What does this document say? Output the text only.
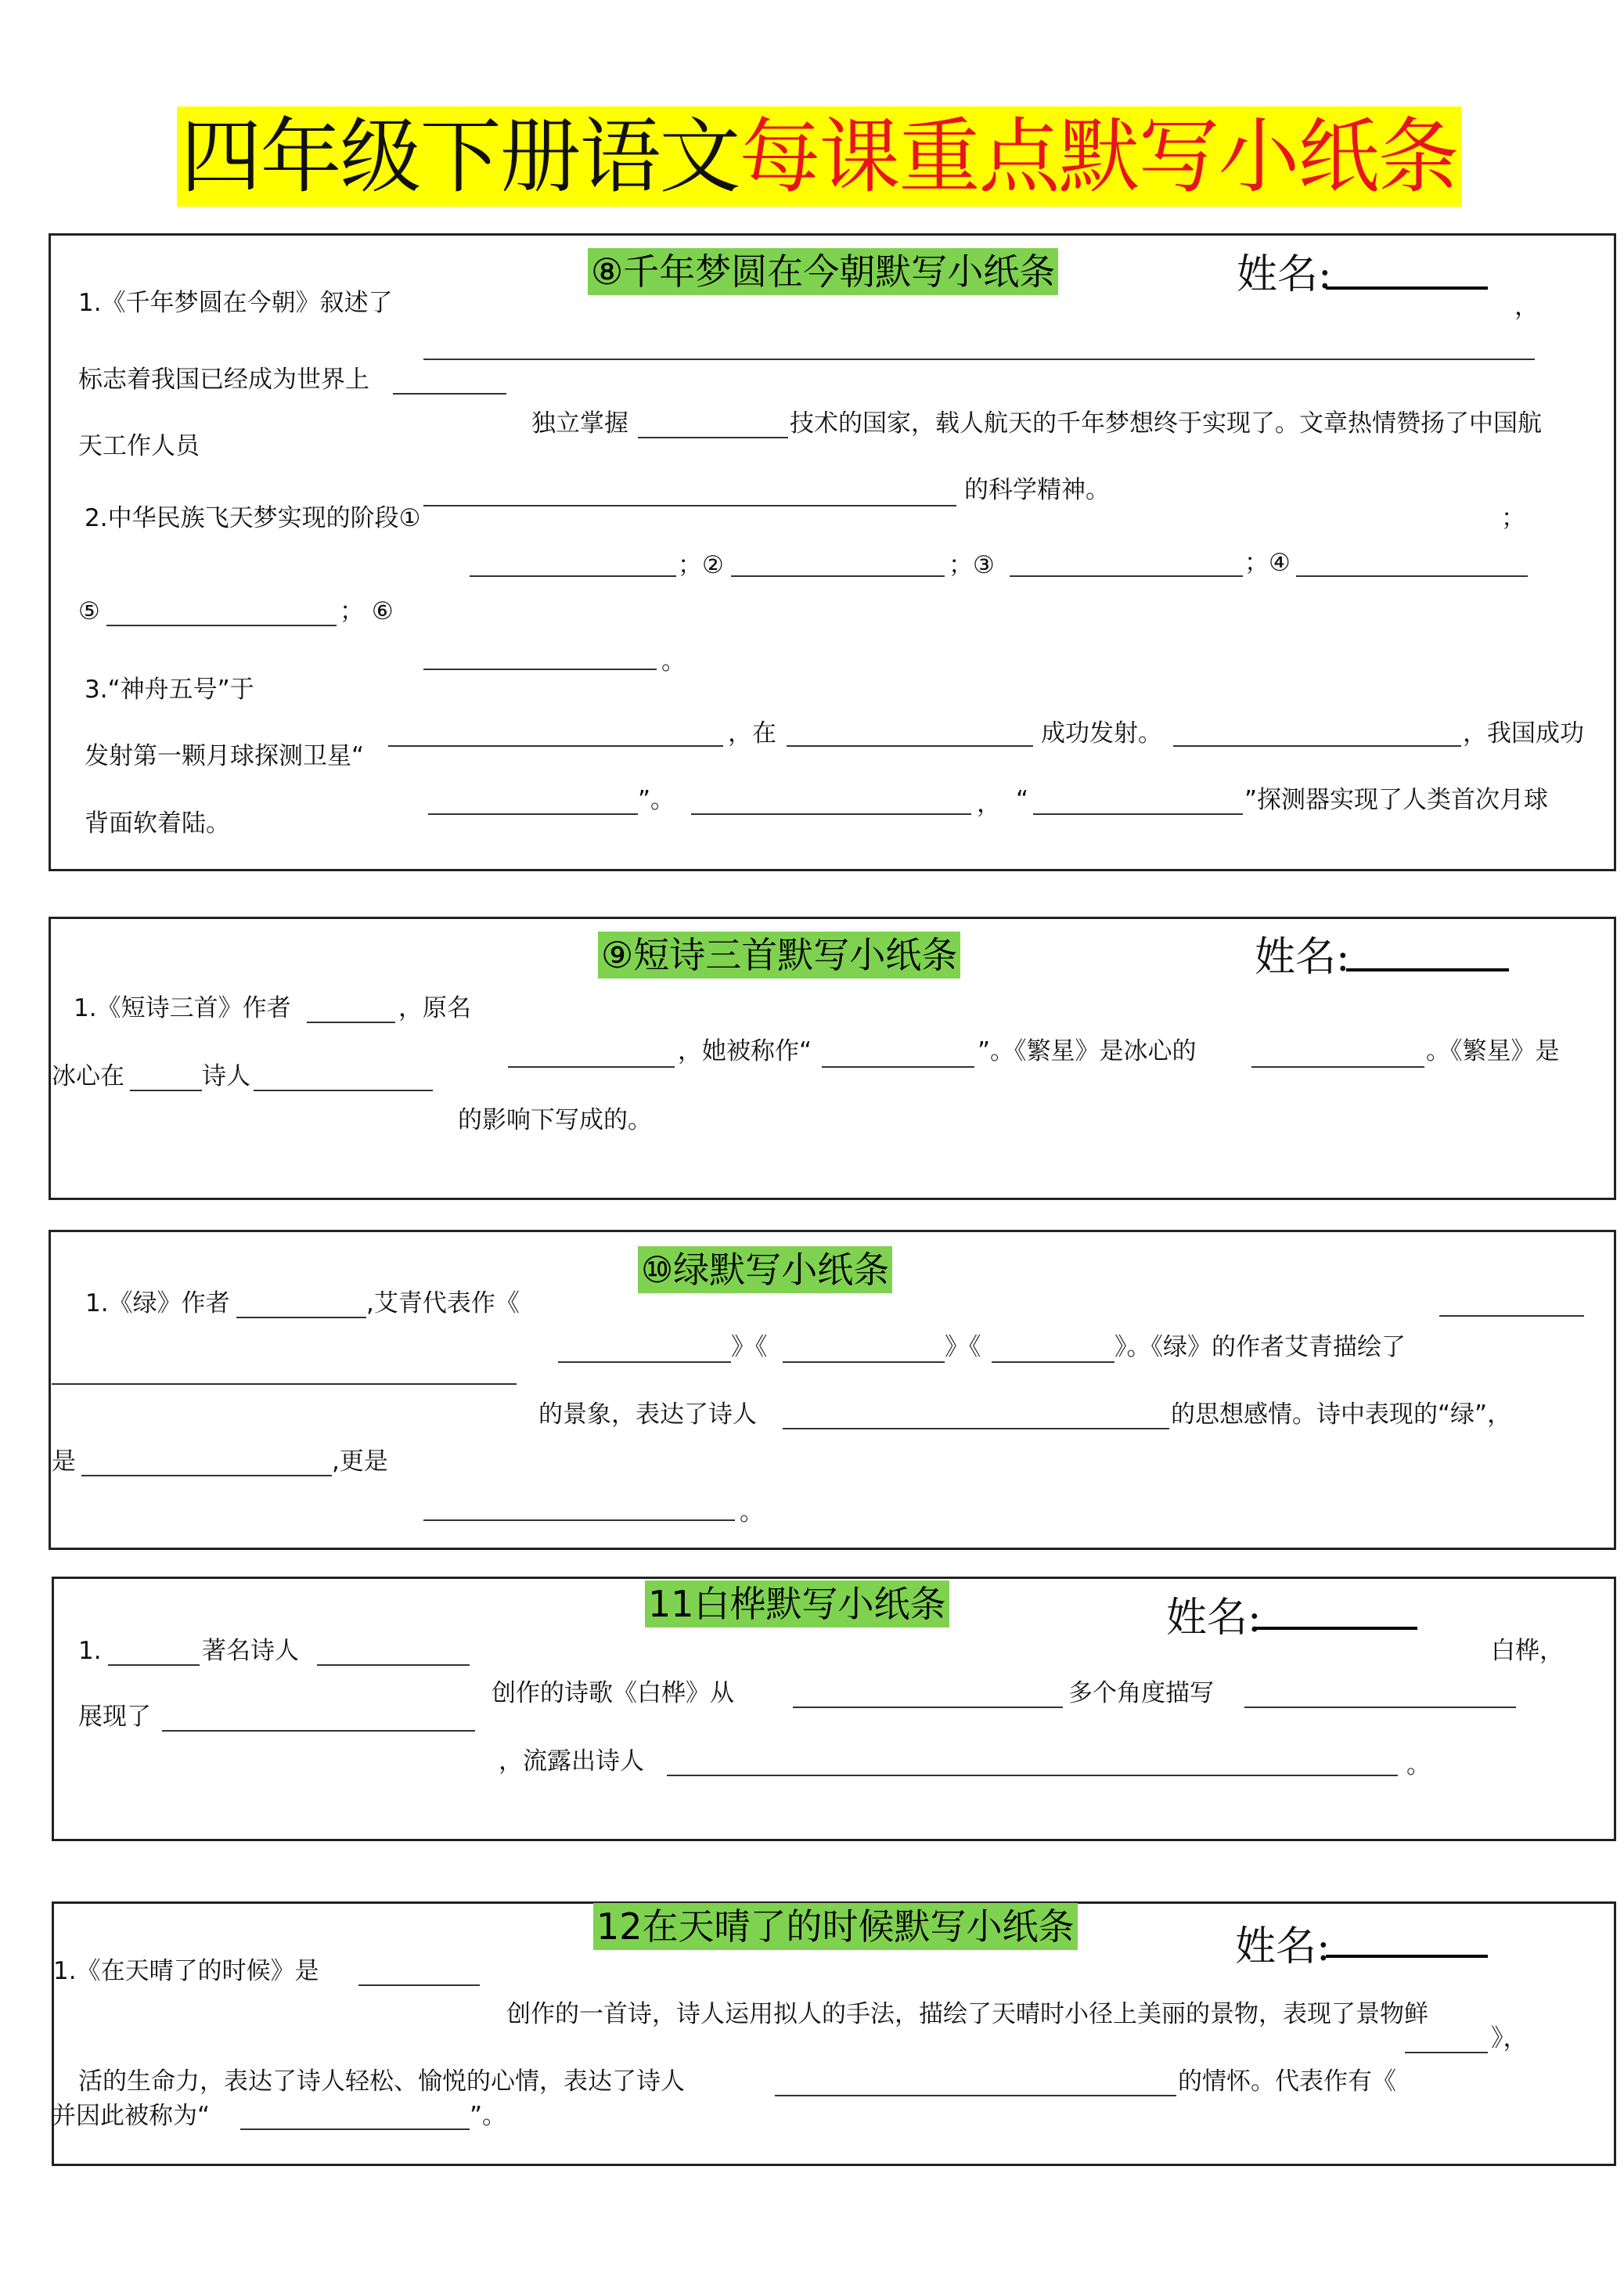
四年级下册语文每课重点默写小纸条
⑧千年梦圆在今朝默写小纸条	姓名:
1.《千年梦圆在今朝》叙述了	，
标志着我国已经成为世界上
独立掌握	技术的国家，载人航天的千年梦想终于实现了。文章热情赞扬了中国航
天工作人员
的科学精神。
2.中华民族飞天梦实现的阶段①	；
；②	；③	；④
⑤	； ⑥
。
3.“神舟五号”于
，在	成功发射。	，我国成功
发射第一颗月球探测卫星“
”。	， “	”探测器实现了人类首次月球
背面软着陆。
⑨短诗三首默写小纸条	姓名:
1.《短诗三首》作者	，原名
，她被称作“	”。《繁星》是冰心的	。《繁星》是
冰心在	诗人
的影响下写成的。
⑩绿默写小纸条
1.《绿》作者	,艾青代表作《
》《	》《	》。《绿》的作者艾青描绘了
的景象，表达了诗人	的思想感情。诗中表现的“绿”，
是	,更是
。
11白桦默写小纸条	姓名:
1.	著名诗人	白桦，
创作的诗歌《白桦》从	多个角度描写
展现了
，流露出诗人	。
12在天晴了的时候默写小纸条	姓名:
1.《在天晴了的时候》是
创作的一首诗，诗人运用拟人的手法，描绘了天晴时小径上美丽的景物，表现了景物鲜
》，
活的生命力，表达了诗人轻松、愉悦的心情，表达了诗人	的情怀。代表作有《
并因此被称为“	”。
